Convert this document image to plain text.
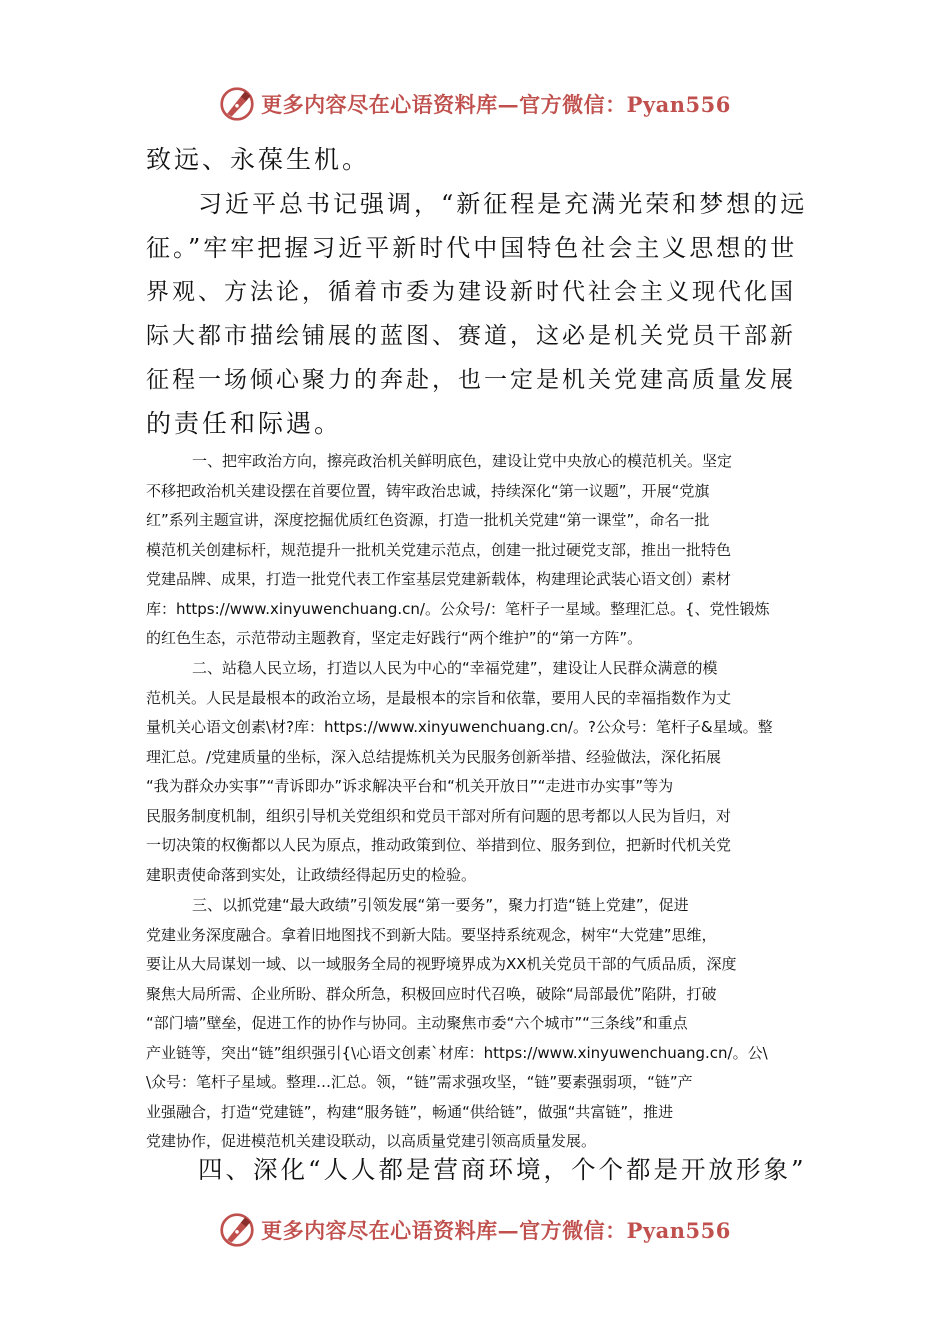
更多内容尽在心语资料库—官方微信：Pyan556
致远、永葆生机。
习近平总书记强调，“新征程是充满光荣和梦想的远
征。”牢牢把握习近平新时代中国特色社会主义思想的世
界观、方法论，循着市委为建设新时代社会主义现代化国
际大都市描绘铺展的蓝图、赛道，这必是机关党员干部新
征程一场倾心聚力的奔赴，也一定是机关党建高质量发展
的责任和际遇。
一、把牢政治方向，擦亮政治机关鲜明底色，建设让党中央放心的模范机关。坚定
不移把政治机关建设摆在首要位置，铸牢政治忠诚，持续深化“第一议题”，开展“党旗
红”系列主题宣讲，深度挖掘优质红色资源，打造一批机关党建“第一课堂”，命名一批
模范机关创建标杆，规范提升一批机关党建示范点，创建一批过硬党支部，推出一批特色
党建品牌、成果，打造一批党代表工作室基层党建新载体，构建理论武装心语文创）素材
库：https://www.xinyuwenchuang.cn/。公众号/：笔杆子一星域。整理汇总。{、党性锻炼
的红色生态，示范带动主题教育，坚定走好践行“两个维护”的“第一方阵”。
二、站稳人民立场，打造以人民为中心的“幸福党建”，建设让人民群众满意的模
范机关。人民是最根本的政治立场，是最根本的宗旨和依靠，要用人民的幸福指数作为丈
量机关心语文创素\材?库：https://www.xinyuwenchuang.cn/。?公众号：笔杆子&星域。整
理汇总。/党建质量的坐标，深入总结提炼机关为民服务创新举措、经验做法，深化拓展
“我为群众办实事”“青诉即办”诉求解决平台和“机关开放日”“走进市办实事”等为
民服务制度机制，组织引导机关党组织和党员干部对所有问题的思考都以人民为旨归，对
一切决策的权衡都以人民为原点，推动政策到位、举措到位、服务到位，把新时代机关党
建职责使命落到实处，让政绩经得起历史的检验。
三、以抓党建“最大政绩”引领发展“第一要务”，聚力打造“链上党建”，促进
党建业务深度融合。拿着旧地图找不到新大陆。要坚持系统观念，树牢“大党建”思维，
要让从大局谋划一域、以一域服务全局的视野境界成为XX机关党员干部的气质品质，深度
聚焦大局所需、企业所盼、群众所急，积极回应时代召唤，破除“局部最优”陷阱，打破
“部门墙”壁垒，促进工作的协作与协同。主动聚焦市委“六个城市”“三条线”和重点
产业链等，突出“链”组织强引{\心语文创素`材库：https://www.xinyuwenchuang.cn/。公\
\众号：笔杆子星域。整理…汇总。领，“链”需求强攻坚，“链”要素强弱项，“链”产
业强融合，打造“党建链”，构建“服务链”，畅通“供给链”，做强“共富链”，推进
党建协作，促进模范机关建设联动，以高质量党建引领高质量发展。
四、深化“人人都是营商环境，个个都是开放形象”
更多内容尽在心语资料库—官方微信：Pyan556
